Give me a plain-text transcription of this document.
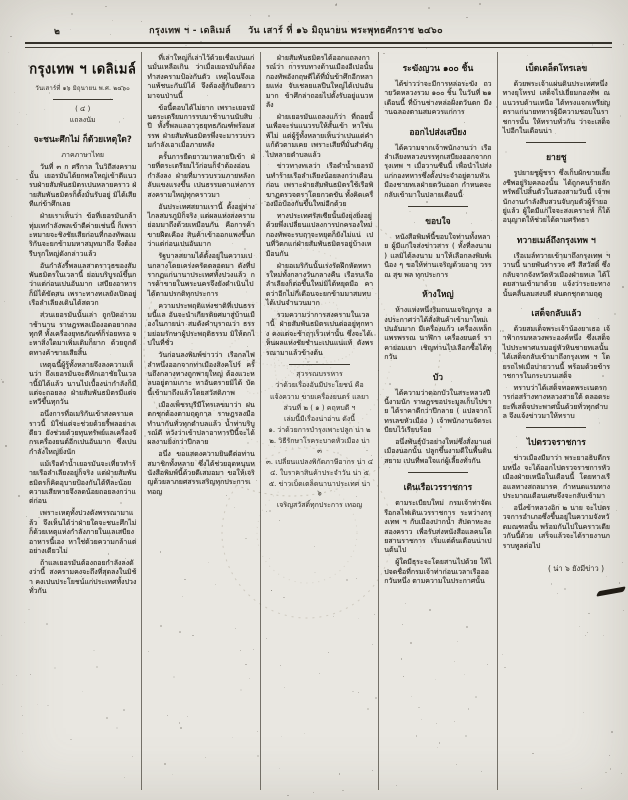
๒	กรุงเทพ ฯ - เดลิเมล์     วัน เสาร์ ที่ ๑๖ มิถุนายน พระพุทธศักราช ๒๔๖๐
กรุงเทพ ฯ เดลิเมล์
วันเสาร์ที่ ๑๖ มิถุนายน พ.ศ. ๒๔๖๐
( ๔ )
แถลงนัม
จะชนะศึกไม่ ก็ด้วยเหตุใด?
ภาคภาษาไทย

วันที่ ๓ ก ศรีกาล ในวิถีสงครามนั้น เยอรมันได้ยกพลใหญ่เข้าตีแนวรบฝ่ายสัมพันธมิตรเปนหลายคราว ฝ่ายสัมพันธมิตรก็ตั้งมั่นรับอยู่ มิได้เสียทีแก่ข้าศึกเลย

ฝ่ายเราเห็นว่า ข้อที่เยอรมันกล้าทุ่มเทกำลังพลเข้าตีค่ายเช่นนี้ ก็เพราะหมายจะชิงชัยเสียก่อนที่กองทัพอเมริกันจะยกข้ามมหาสมุทมาถึง จึงต้องรีบรุกใหญ่ดังกล่าวแล้ว

อันกำลังรี้พลแลสาตราวุธของสัมพันธมิตรในเวลานี้ ย่อมบริบูรณ์ขึ้นกว่าแต่ก่อนเปนอันมาก เสบียงอาหารก็มิได้ขัดสน เพราะทางทเลยังเปิดอยู่ เรือลำเลียงเดินได้สดวก

ส่วนเยอรมันนั้นเล่า ถูกปิดอ่าวมาช้านาน ราษฎรพลเมืองอดอยากลงทุกที ทั้งเครื่องยุทธภัณฑ์ก็ร่อยหรอ จะหาสิ่งใดมาเพิ่มเติมก็ยาก ด้วยถูกตัดทางค้าขายเสียสิ้น

เหตุฉนี้ผู้รู้ทั้งหลายจึงลงความเห็นว่า ถึงเยอรมันจะตีหักเอาชัยในเวลานี้มิได้แล้ว นานไปเบื้องน่ากำลังก็มีแต่จะถอยลง ฝ่ายสัมพันธมิตรมีแต่จะทวีขึ้นทุกวัน

อนึ่งการที่อเมริกันเข้าสงครามคราวนี้ มิใช่แต่จะช่วยด้วยรี้พลอย่างเดียว ยังช่วยด้วยทุนทรัพย์แลเครื่องจักรเครื่องยนต์อีกเปนอันมาก ซึ่งเปนกำลังใหญ่ยิ่งนัก

แม้เรือดำน้ำเยอรมันจะเที่ยวทำร้ายเรือลำเลียงอยู่ก็จริง แต่ฝ่ายสัมพันธมิตรก็คิดอุบายป้องกันได้ทีละน้อย ความเสียหายจึงลดน้อยถอยลงกว่าแต่ก่อน

เพราะเหตุทั้งปวงดังพรรณามาแล้ว จึงเห็นได้ว่าฝ่ายใดจะชนะศึกไม่ ก็ด้วยเหตุแห่งกำลังภายในแลเสบียงอาหารนี้เอง หาใช่ด้วยความกล้าแต่อย่างเดียวไม่

ถ้าแลเยอรมันต้องถอยกำลังลงดังว่านี้ สงครามคงจะถึงที่สุดลงในมิช้า คงเปนประโยชน์แก่ประเทศทั้งปวงทั่วกัน

ที่เล่าใหญ่ก็เล่าไว้ด้วยเชื่อเปนแก่นมั่นเหลือเกิน ว่าเมื่อเยอรมันก็ต้องทำสงครามป้องกันตัว เหตุไฉนจึงเอาแพ้ชนะกันมิได้ จึงต้องสู้กันยืดยาวมาจนป่านนี้

ข้อนี้ตอบได้ไม่ยาก เพราะเยอรมันตระเตรียมการรบมาช้านานนับสิบปี ทั้งรี้พลแลอาวุธยุทธภัณฑ์พร้อมสรรพ ฝ่ายสัมพันธมิตรพึ่งจะมารวบรวมกำลังเอาเมื่อภายหลัง

ครั้นการยืดยาวมาหลายปีเข้า ฝ่ายที่ตระเตรียมไว้ก่อนก็จำต้องอ่อนกำลังลง ฝ่ายที่มารวบรวมภายหลังกลับแขงแรงขึ้น เปนธรรมดาแห่งการสงครามใหญ่ทุกคราวมา

อันประเทศสยามเรานี้ ตั้งอยู่ห่างไกลสมรภูมิก็จริง แต่ผลแห่งสงครามย่อมมาถึงด้วยเหมือนกัน คือการค้าขายฝืดเคือง สินค้าเข้าออกแพงขึ้นกว่าแต่ก่อนเปนอันมาก

รัฐบาลสยามได้ตั้งอยู่ในความเปนกลางโดยเคร่งครัดตลอดมา ดังที่ปรากฏแก่นานาประเทศทั้งปวงแล้ว การค้าขายในพระนครจึงยังดำเนินไปได้ตามปรกติทุกประการ

ความประพฤติแห่งชาติที่เปนธรรมนี้แล อันจะนำเกียรติยศมาสู่บ้านเมืองในภายน่า สมดังคำบุราณว่า ธรรมย่อมรักษาผู้ประพฤติธรรม มิให้ตกไปในที่ชั่ว

วันก่อนลงพิมพ์ข่าวว่า เรือกลไฟลำหนึ่งออกจากท่าเมืองสิงคโปร์ ครั้นถึงกลางทางถูกพายุใหญ่ ต้องแวะหลบอยู่ตามเกาะ หาอันตรายมิได้ บัดนี้เข้ามาถึงแล้วโดยสวัสดิภาพ

เมืองเพ็ชรบุรีมีโทรเลขมาว่า ฝนตกชุกต้องตามฤดูกาล ราษฎรลงมือทำนากันทั่วทุกตำบลแล้ว น้ำท่าบริบูรณ์ดี หวังว่าเข้าปลาอาหารปีนี้จะได้ผลงามยิ่งกว่าปีกลาย

อนึ่ง ขอแสดงความยินดีต่อท่านสมาชิกทั้งหลาย ซึ่งได้ช่วยอุดหนุนหนังสือพิมพ์นี้ด้วยดีเสมอมา ขอให้เจริญด้วยลาภยศสรรเสริญทุกประการเทอญ

ฝ่ายสัมพันธมิตรได้ออกแถลงการณ์ว่า การรบทางด้านเมืองอีเปอนั้น กองทัพอังกฤษตีได้ที่มั่นข้าศึกอีกหลายแห่ง จับเชลยแลปืนใหญ่ได้เปนอันมาก ข้าศึกล่าถอยไปตั้งรับอยู่แนวหลัง

ฝ่ายเยอรมันแถลงแก้ว่า ที่ถอยนั้นเพื่อจะร่นแนวรบให้สั้นเข้า หาใช่แพ้ไม่ แต่ผู้รู้ทั้งหลายเห็นว่าเปนแต่คำแก้ตัวตามเคย เพราะเสียที่มั่นสำคัญไปหลายตำบลแล้ว

ข่าวทางทเลว่า เรือดำน้ำเยอรมันทำร้ายเรือลำเลียงน้อยลงกว่าเดือนก่อน เพราะฝ่ายสัมพันธมิตรใช้เรือพิฆาฏตรวจตราโดยกวดขัน ทั้งคิดเครื่องมือป้องกันขึ้นใหม่อีกด้วย

ทางประเทศรัสเซียนั้นยังยุ่งยิ่งอยู่ ด้วยพึ่งเปลี่ยนแปลงการปกครองใหม่ กองทัพจะรบฤๅจะหยุดก็ยังไม่แน่ เปนที่วิตกแก่ฝ่ายสัมพันธมิตรอยู่บ้างเหมือนกัน

ฝ่ายอเมริกันนั้นเร่งรัดฝึกหัดทหารใหม่ทั้งกลางวันกลางคืน เรือรบเรือลำเลียงก็ต่อขึ้นใหม่มิได้หยุดมือ คาดว่าอีกไม่กี่เดือนจะยกข้ามมาสมทบได้เปนจำนวนมาก

รวมความว่าการสงครามในเวลานี้ ฝ่ายสัมพันธมิตรเปนต่ออยู่ทุกทาง คงแต่จะช้าฤๅเร็วเท่านั้น ซึ่งจะได้เห็นผลแห่งชัยชำนะเปนแน่แท้ ดังพรรณามาแล้วข้างต้น

สุวรรณบรรหาร
ว่าด้วยเรื่องอันมีประโยชน์ คือ
แจ้งความ ขายเครื่องยนตร์ แลยา
ส่วนที่ ๒ ( ๑ ) คฤหบดี ฯ
เล่มนี้มีเรื่องน่าอ่าน ดังนี้
๑. ว่าด้วยการบำรุงเพาะปลูก น่า ๒
๒. วิธีรักษาโรคระบาดหัวเมือง น่า ๓
๓. เปลี่ยนแปลงพิกัดภาษีอากร น่า ๔
๔. ใบราคาสินค้าประจำวัน น่า ๕
๕. ข่าวเบ็ดเตล็ดนานาประเทศ น่า ๖
เจริญสวัสดิ์ทุกประการ เทอญ
ระฆังญวน ๑๐๐ ชิ้น

ได้ข่าวว่าจะมีการหล่อระฆัง ถวายวัดหลวงรวม ๑๐๐ ชิ้น ในวันที่ ๒๑ เดือนนี้ ที่บ้านช่างหล่อฝั่งตวันตก มีงานฉลองตามสมควรแก่การ

ออกไปส่งเสบียง

ได้ความจากเจ้าพนักงานว่า เรือลำเลียงหลวงบรรทุกเสบียงออกจากกรุงเทพ ฯ เมื่อวานซืนนี้ เพื่อนำไปส่งแก่กองทหารซึ่งตั้งประจำอยู่ตามหัวเมืองชายทเลฝ่ายตวันออก กำหนดจะกลับเข้ามาในปลายเดือนนี้

ขอบใจ

หนังสือพิมพ์นี้ขอบใจท่านทั้งหลาย ผู้มีแก่ใจส่งข่าวสาร ( ทั้งที่ลงนาม ) แลมิได้ลงนาม มาให้เลือกลงพิมพ์เนือง ๆ ขอให้ท่านเจริญด้วยอายุ วรรณ สุข พล ทุกประการ

ห้างใหญ่

ห้างแห่งหนึ่งริมถนนเจริญกรุง ลงประกาศว่าได้สั่งสินค้าเข้ามาใหม่เปนอันมาก มีเครื่องแก้ว เครื่องเหล็ก แพรพรรณ นาฬิกา เครื่องยนตร์ ราคาย่อมเยา เชิญท่านไปเลือกซื้อได้ทุกวัน

บัว

ได้ความว่าดอกบัวในสระหลวงปีนี้งามนัก ราษฎรขอประมูลเก็บไปขาย ได้ราคาดีกว่าปีกลาย ( แปลจากโทรเลขหัวเมือง ) เจ้าพนักงานจัดระเบียบไว้เรียบร้อย

อนึ่งพันธุ์บัวอย่างใหม่ซึ่งสั่งมาแต่เมืองนอกนั้น ปลูกขึ้นงามดีในพื้นดินสยาม เปนที่พอใจแก่ผู้เลี้ยงทั่วกัน

เดินเรือเวรราชการ

ตามระเบียบใหม่ กรมเจ้าท่าจัดเรือกลไฟเดินเวรราชการ ระหว่างกรุงเทพ ฯ กับเมืองปากน้ำ สัปดาหะละสองคราว เพื่อรับส่งหนังสือแลคนโดยสานราชการ เริ่มแต่ต้นเดือนน่าเปนต้นไป

ผู้ใดมีธุระจะโดยสานไปด้วย ให้ไปจดชื่อที่กรมเจ้าท่าก่อนเวลาเรือออกวันหนึ่ง ตามความในประกาศนั้น

เบ็ดเตล็ดโทรเลข

ด้วยพระเจ้าแผ่นดินประเทศหนึ่งทางยุโหรป เสด็จไปเยี่ยมกองทัพ ณ แนวรบด้านเหนือ ได้ทรงแจกเหรียญตราแก่นายทหารผู้มีความชอบในราชการนั้น ให้ทราบทั่วกัน ว่าจะเสด็จไปอีกในเดือนน่า

ยายชู

รูปยายชูผู้ชรา ซึ่งเก็บผักขายเลี้ยงชีพอยู่ริมคลองนั้น ได้ถูกคนร้ายลักทรัพย์ไปสิ้นตัวในสองสามวันนี้ เจ้าพนักงานกำลังสืบสวนจับกุมตัวผู้ร้ายอยู่แล้ว ผู้ใดมีแก่ใจจะสงเคราะห์ ก็ได้อนุญาตให้ช่วยได้ตามศรัทธา

ทวายเมล์ถึงกรุงเทพ ฯ

เรือเมล์ทวายเข้ามาถึงกรุงเทพ ฯ วานนี้ นายพันตำรวจ ศรี สีสวัสดิ์ ซึ่งกลับจากจังหวัดหัวเมืองฝ่ายทเล ได้โดยสานเข้ามาด้วย แจ้งว่าระยะทางนั้นคลื่นลมสงบดี ฝนตกชุกตามฤดู

เสด็จกลับแล้ว

ด้วยสมเด็จพระเจ้าน้องยาเธอ เจ้าฟ้ากรมหลวงพระองค์หนึ่ง ซึ่งเสด็จไปประพาศแรมอยู่หัวหินชายทเลนั้น ได้เสด็จกลับเข้ามาถึงกรุงเทพ ฯ โดยรถไฟเมื่อบ่ายวานนี้ พร้อมด้วยข้าราชการในกระบวนเสด็จ

ทราบว่าได้เสด็จทอดพระเนตรการก่อสร้างทางหลวงสายใต้ ตลอดระยะที่เสด็จประพาศนั้นด้วยทั่วทุกตำบล จึงแจ้งข่าวมาให้ทราบ

ไปตรวจราชการ

ข่าวเมืองมีมาว่า พระยาอธิบดีกรมหนึ่ง จะได้ออกไปตรวจราชการหัวเมืองฝ่ายเหนือในเดือนนี้ โดยทางเรือแลทางสถลมารค กำหนดแรมทางประมาณเดือนเศษจึงจะกลับเข้ามา

อนึ่งข้าหลวงอิก ๒ นาย จะไปตรวจการอำเภอซึ่งขึ้นอยู่ในความจังหวัดมณฑลนั้น พร้อมกันไปในคราวเดียวกันนี้ด้วย เสร็จแล้วจะได้รายงานกราบทูลต่อไป

( น่า ๖ ยังมีข่าว )
